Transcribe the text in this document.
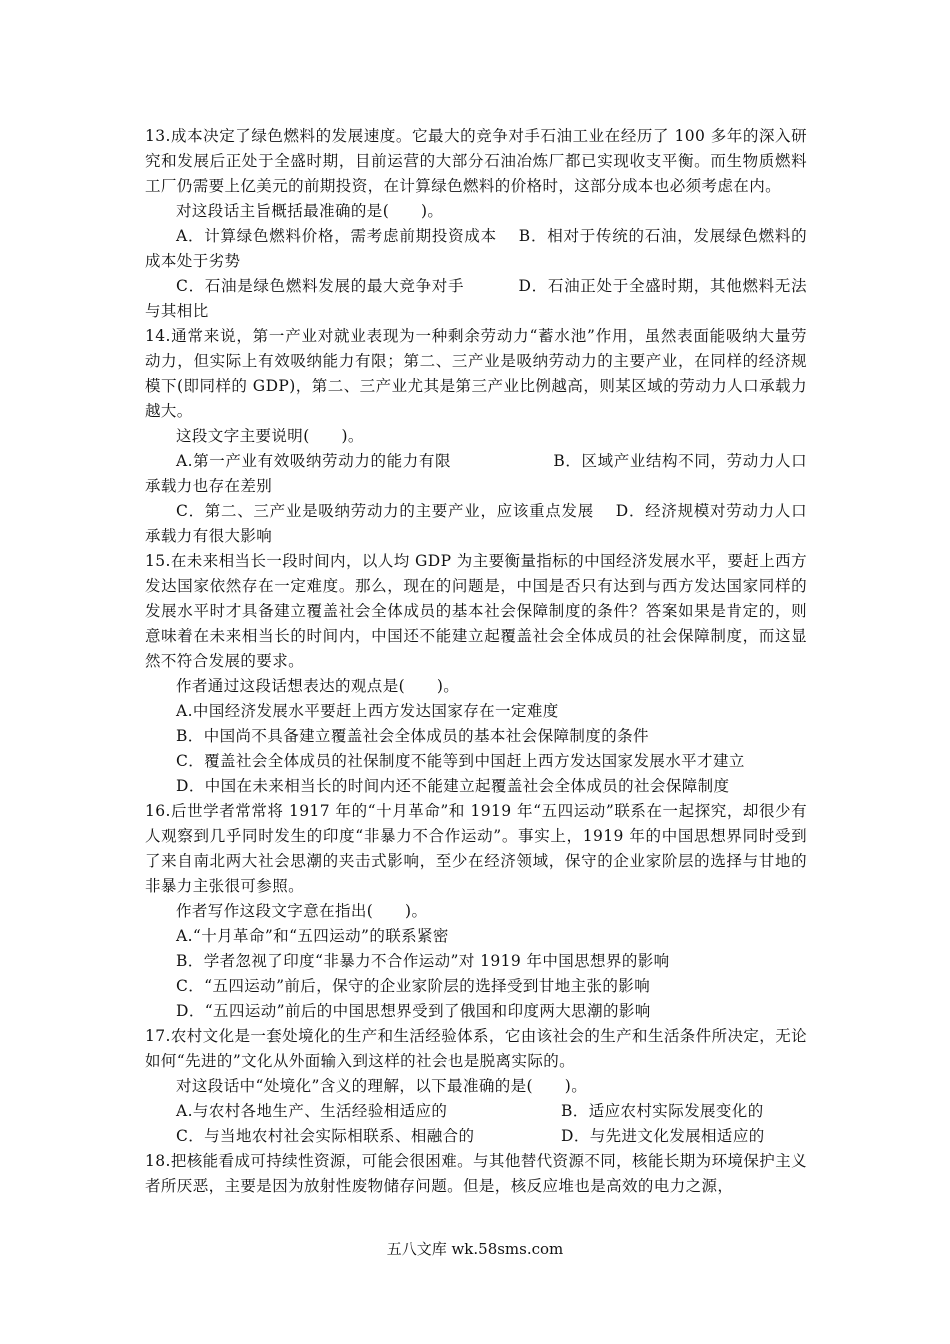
13.成本决定了绿色燃料的发展速度。它最大的竞争对手石油工业在经历了 100 多年的深入研究和发展后正处于全盛时期，目前运营的大部分石油冶炼厂都已实现收支平衡。而生物质燃料工厂仍需要上亿美元的前期投资，在计算绿色燃料的价格时，这部分成本也必须考虑在内。

对这段话主旨概括最准确的是(　　)。

A．计算绿色燃料价格，需考虑前期投资成本　 B．相对于传统的石油，发展绿色燃料的成本处于劣势

C．石油是绿色燃料发展的最大竞争对手　　　 D．石油正处于全盛时期，其他燃料无法与其相比

14.通常来说，第一产业对就业表现为一种剩余劳动力“蓄水池”作用，虽然表面能吸纳大量劳动力，但实际上有效吸纳能力有限；第二、三产业是吸纳劳动力的主要产业，在同样的经济规模下(即同样的 GDP)，第二、三产业尤其是第三产业比例越高，则某区域的劳动力人口承载力越大。

这段文字主要说明(　　)。

A.第一产业有效吸纳劳动力的能力有限　　　　　　 B．区域产业结构不同，劳动力人口承载力也存在差别

C．第二、三产业是吸纳劳动力的主要产业，应该重点发展　 D．经济规模对劳动力人口承载力有很大影响

15.在未来相当长一段时间内，以人均 GDP 为主要衡量指标的中国经济发展水平，要赶上西方发达国家依然存在一定难度。那么，现在的问题是，中国是否只有达到与西方发达国家同样的发展水平时才具备建立覆盖社会全体成员的基本社会保障制度的条件？答案如果是肯定的，则意味着在未来相当长的时间内，中国还不能建立起覆盖社会全体成员的社会保障制度，而这显然不符合发展的要求。

作者通过这段话想表达的观点是(　　)。

A.中国经济发展水平要赶上西方发达国家存在一定难度

B．中国尚不具备建立覆盖社会全体成员的基本社会保障制度的条件

C．覆盖社会全体成员的社保制度不能等到中国赶上西方发达国家发展水平才建立

D．中国在未来相当长的时间内还不能建立起覆盖社会全体成员的社会保障制度

16.后世学者常常将 1917 年的“十月革命”和 1919 年“五四运动”联系在一起探究，却很少有人观察到几乎同时发生的印度“非暴力不合作运动”。事实上，1919 年的中国思想界同时受到了来自南北两大社会思潮的夹击式影响，至少在经济领域，保守的企业家阶层的选择与甘地的非暴力主张很可参照。

作者写作这段文字意在指出(　　)。

A.“十月革命”和“五四运动”的联系紧密

B．学者忽视了印度“非暴力不合作运动”对 1919 年中国思想界的影响

C．“五四运动”前后，保守的企业家阶层的选择受到甘地主张的影响

D．“五四运动”前后的中国思想界受到了俄国和印度两大思潮的影响

17.农村文化是一套处境化的生产和生活经验体系，它由该社会的生产和生活条件所决定，无论如何“先进的”文化从外面输入到这样的社会也是脱离实际的。

对这段话中“处境化”含义的理解，以下最准确的是(　　)。

A.与农村各地生产、生活经验相适应的	B．适应农村实际发展变化的
C．与当地农村社会实际相联系、相融合的	D．与先进文化发展相适应的

18.把核能看成可持续性资源，可能会很困难。与其他替代资源不同，核能长期为环境保护主义者所厌恶，主要是因为放射性废物储存问题。但是，核反应堆也是高效的电力之源，

五八文库 wk.58sms.com
